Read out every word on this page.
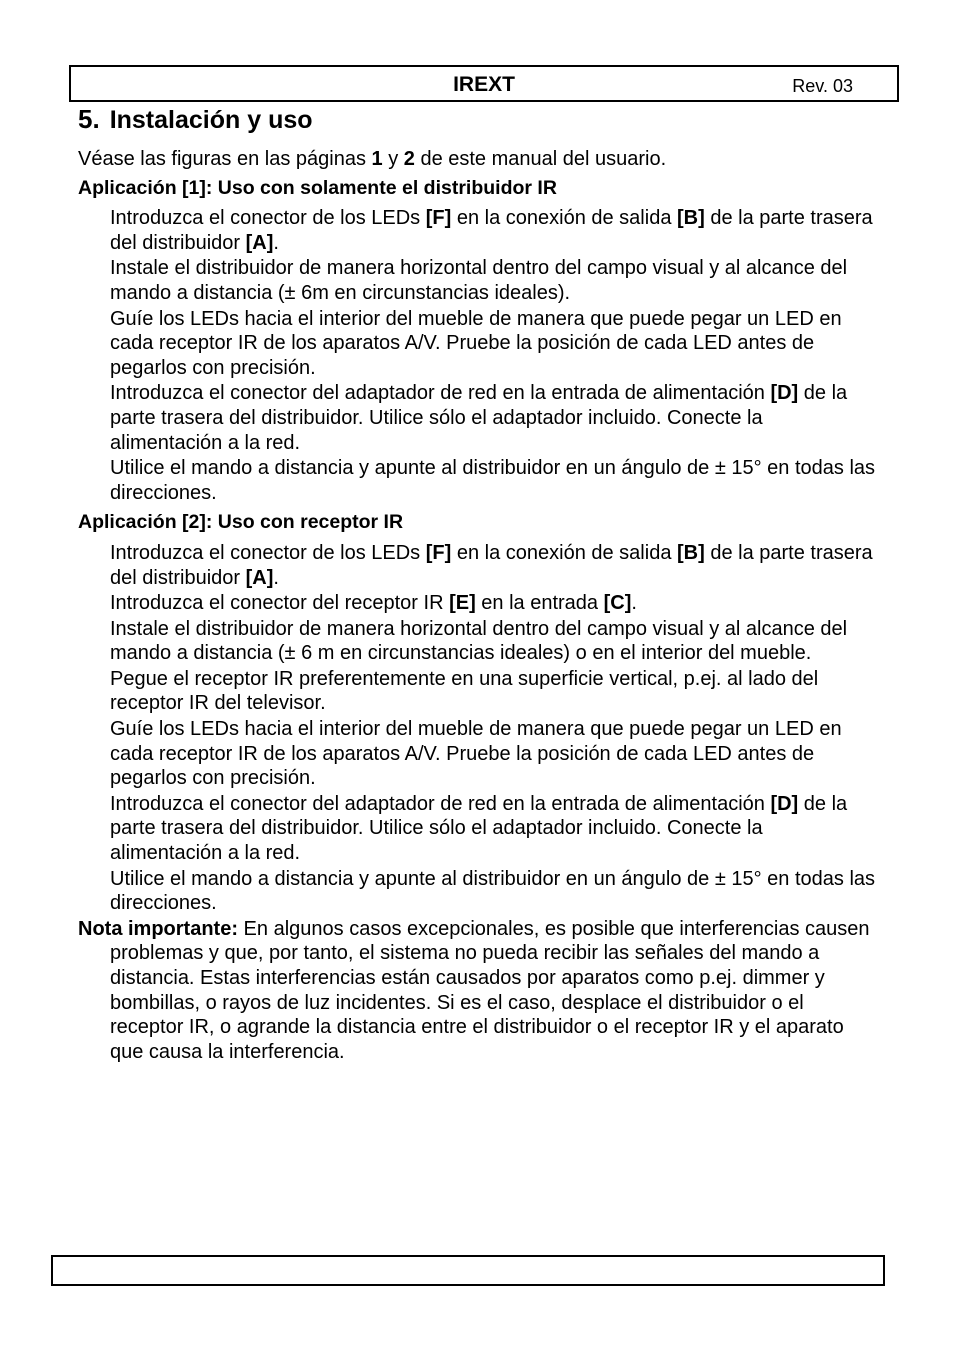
IREXT	Rev. 03
5. Instalación y uso

Véase las figuras en las páginas 1 y 2 de este manual del usuario.

Aplicación [1]: Uso con solamente el distribuidor IR

Introduzca el conector de los LEDs [F] en la conexión de salida [B] de la parte trasera del distribuidor [A].

Instale el distribuidor de manera horizontal dentro del campo visual y al alcance del mando a distancia (± 6m en circunstancias ideales).

Guíe los LEDs hacia el interior del mueble de manera que puede pegar un LED en cada receptor IR de los aparatos A/V. Pruebe la posición de cada LED antes de pegarlos con precisión.

Introduzca el conector del adaptador de red en la entrada de alimentación [D] de la parte trasera del distribuidor. Utilice sólo el adaptador incluido. Conecte la alimentación a la red.

Utilice el mando a distancia y apunte al distribuidor en un ángulo de ± 15° en todas las direcciones.

Aplicación [2]: Uso con receptor IR

Introduzca el conector de los LEDs [F] en la conexión de salida [B] de la parte trasera del distribuidor [A].

Introduzca el conector del receptor IR [E] en la entrada [C].

Instale el distribuidor de manera horizontal dentro del campo visual y al alcance del mando a distancia (± 6 m en circunstancias ideales) o en el interior del mueble.

Pegue el receptor IR preferentemente en una superficie vertical, p.ej. al lado del receptor IR del televisor.

Guíe los LEDs hacia el interior del mueble de manera que puede pegar un LED en cada receptor IR de los aparatos A/V. Pruebe la posición de cada LED antes de pegarlos con precisión.

Introduzca el conector del adaptador de red en la entrada de alimentación [D] de la parte trasera del distribuidor. Utilice sólo el adaptador incluido. Conecte la alimentación a la red.

Utilice el mando a distancia y apunte al distribuidor en un ángulo de ± 15° en todas las direcciones.

Nota importante: En algunos casos excepcionales, es posible que interferencias causen problemas y que, por tanto, el sistema no pueda recibir las señales del mando a distancia. Estas interferencias están causados por aparatos como p.ej. dimmer y bombillas, o rayos de luz incidentes. Si es el caso, desplace el distribuidor o el receptor IR, o agrande la distancia entre el distribuidor o el receptor IR y el aparato que causa la interferencia.
